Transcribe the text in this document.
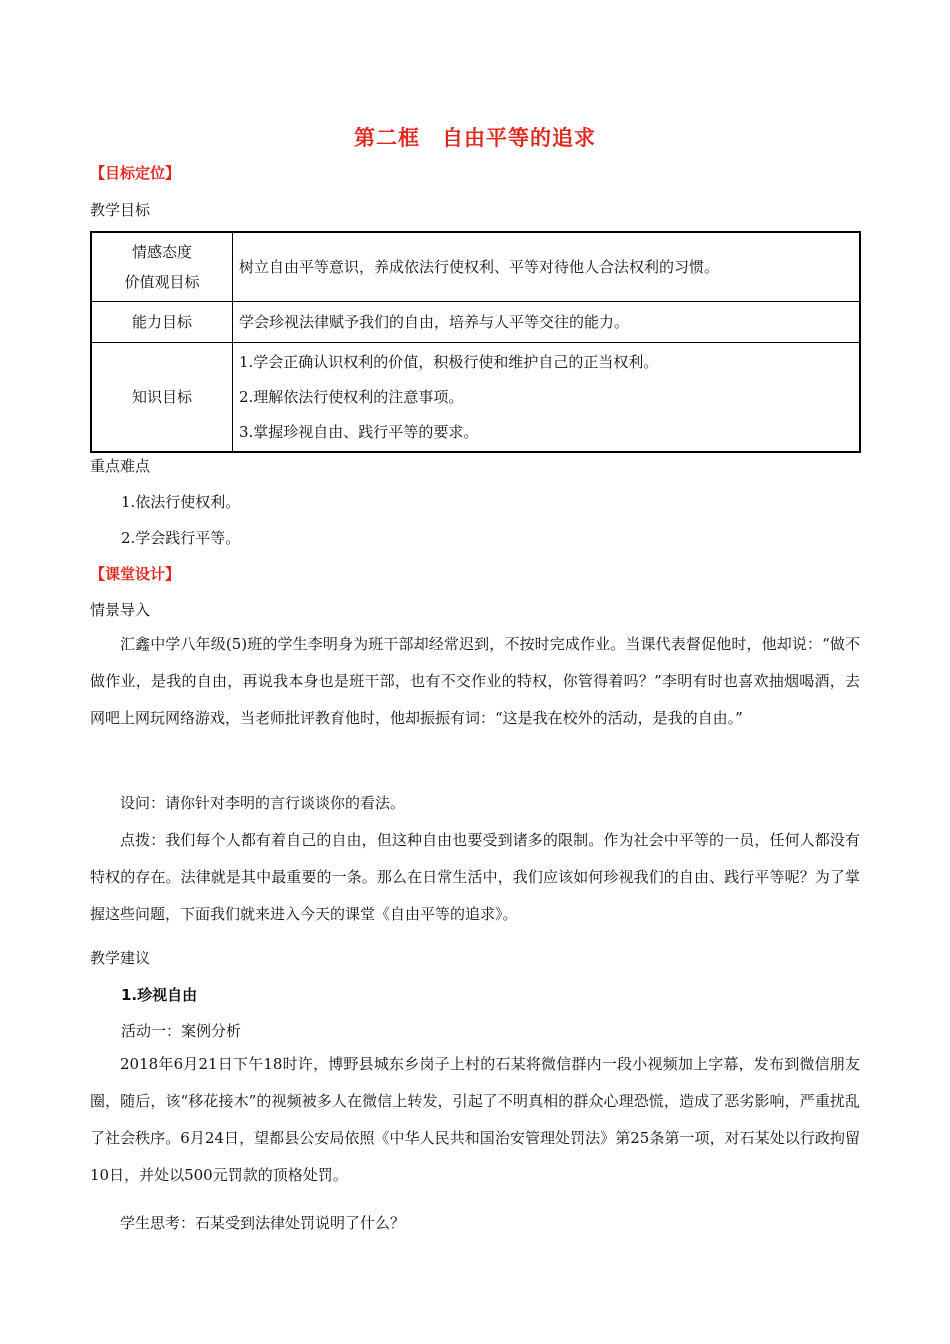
第二框　自由平等的追求
【目标定位】
教学目标
情感态度
价值观目标	树立自由平等意识，养成依法行使权利、平等对待他人合法权利的习惯。
能力目标	学会珍视法律赋予我们的自由，培养与人平等交往的能力。
知识目标	1.学会正确认识权利的价值，积极行使和维护自己的正当权利。
2.理解依法行使权利的注意事项。
3.掌握珍视自由、践行平等的要求。
重点难点
1.依法行使权利。
2.学会践行平等。
【课堂设计】
情景导入
汇鑫中学八年级(5)班的学生李明身为班干部却经常迟到，不按时完成作业。当课代表督促他时，他却说：“做不做作业，是我的自由，再说我本身也是班干部，也有不交作业的特权，你管得着吗？”李明有时也喜欢抽烟喝酒，去网吧上网玩网络游戏，当老师批评教育他时，他却振振有词：“这是我在校外的活动，是我的自由。”
设问：请你针对李明的言行谈谈你的看法。
点拨：我们每个人都有着自己的自由，但这种自由也要受到诸多的限制。作为社会中平等的一员，任何人都没有特权的存在。法律就是其中最重要的一条。那么在日常生活中，我们应该如何珍视我们的自由、践行平等呢？为了掌握这些问题，下面我们就来进入今天的课堂《自由平等的追求》。
教学建议
1.珍视自由
活动一：案例分析
2018年6月21日下午18时许，博野县城东乡岗子上村的石某将微信群内一段小视频加上字幕，发布到微信朋友圈，随后，该“移花接木”的视频被多人在微信上转发，引起了不明真相的群众心理恐慌，造成了恶劣影响，严重扰乱了社会秩序。6月24日，望都县公安局依照《中华人民共和国治安管理处罚法》第25条第一项，对石某处以行政拘留10日，并处以500元罚款的顶格处罚。
学生思考：石某受到法律处罚说明了什么？
